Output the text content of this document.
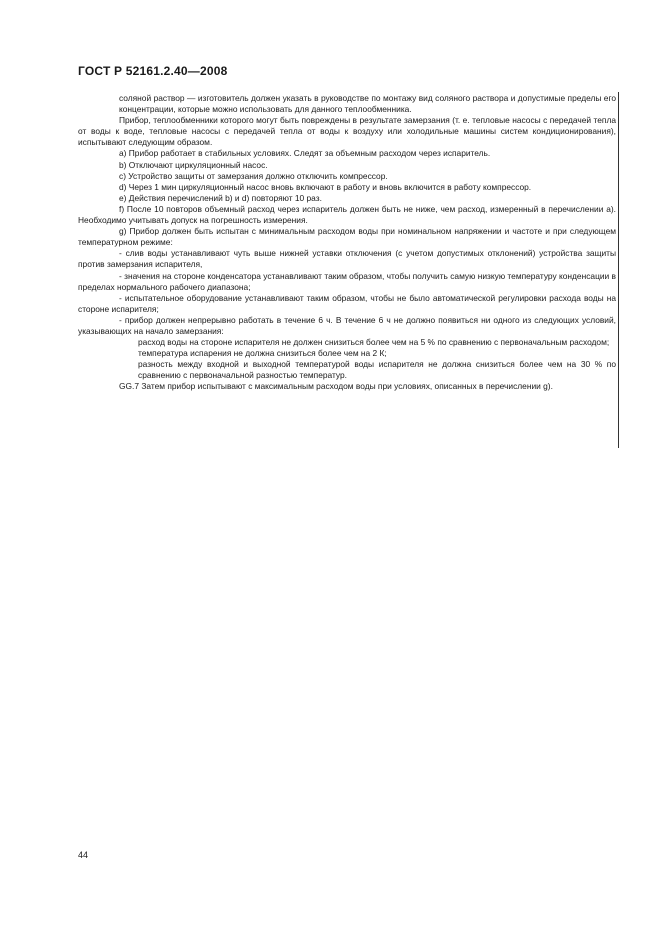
ГОСТ Р 52161.2.40—2008

соляной раствор — изготовитель должен указать в руководстве по монтажу вид соляного раствора и допустимые пределы его концентрации, которые можно использовать для данного теплообменника.

Прибор, теплообменники которого могут быть повреждены в результате замерзания (т. е. тепловые насосы с передачей тепла от воды к воде, тепловые насосы с передачей тепла от воды к воздуху или холодильные машины систем кондиционирования), испытывают следующим образом.

а) Прибор работает в стабильных условиях. Следят за объемным расходом через испаритель.

b) Отключают циркуляционный насос.

с) Устройство защиты от замерзания должно отключить компрессор.

d) Через 1 мин циркуляционный насос вновь включают в работу и вновь включится в работу компрессор.

е) Действия перечислений b) и d) повторяют 10 раз.

f) После 10 повторов объемный расход через испаритель должен быть не ниже, чем расход, измеренный в перечислении а). Необходимо учитывать допуск на погрешность измерения.

g) Прибор должен быть испытан с минимальным расходом воды при номинальном напряжении и частоте и при следующем температурном режиме:

- слив воды устанавливают чуть выше нижней уставки отключения (с учетом допустимых отклонений) устройства защиты против замерзания испарителя,

- значения на стороне конденсатора устанавливают таким образом, чтобы получить самую низкую температуру конденсации в пределах нормального рабочего диапазона;

- испытательное оборудование устанавливают таким образом, чтобы не было автоматической регулировки расхода воды на стороне испарителя;

- прибор должен непрерывно работать в течение 6 ч. В течение 6 ч не должно появиться ни одного из следующих условий, указывающих на начало замерзания:

расход воды на стороне испарителя не должен снизиться более чем на 5 % по сравнению с первоначальным расходом;

температура испарения не должна снизиться более чем на 2 К;

разность между входной и выходной температурой воды испарителя не должна снизиться более чем на 30 % по сравнению с первоначальной разностью температур.

GG.7 Затем прибор испытывают с максимальным расходом воды при условиях, описанных в перечислении g).

44
